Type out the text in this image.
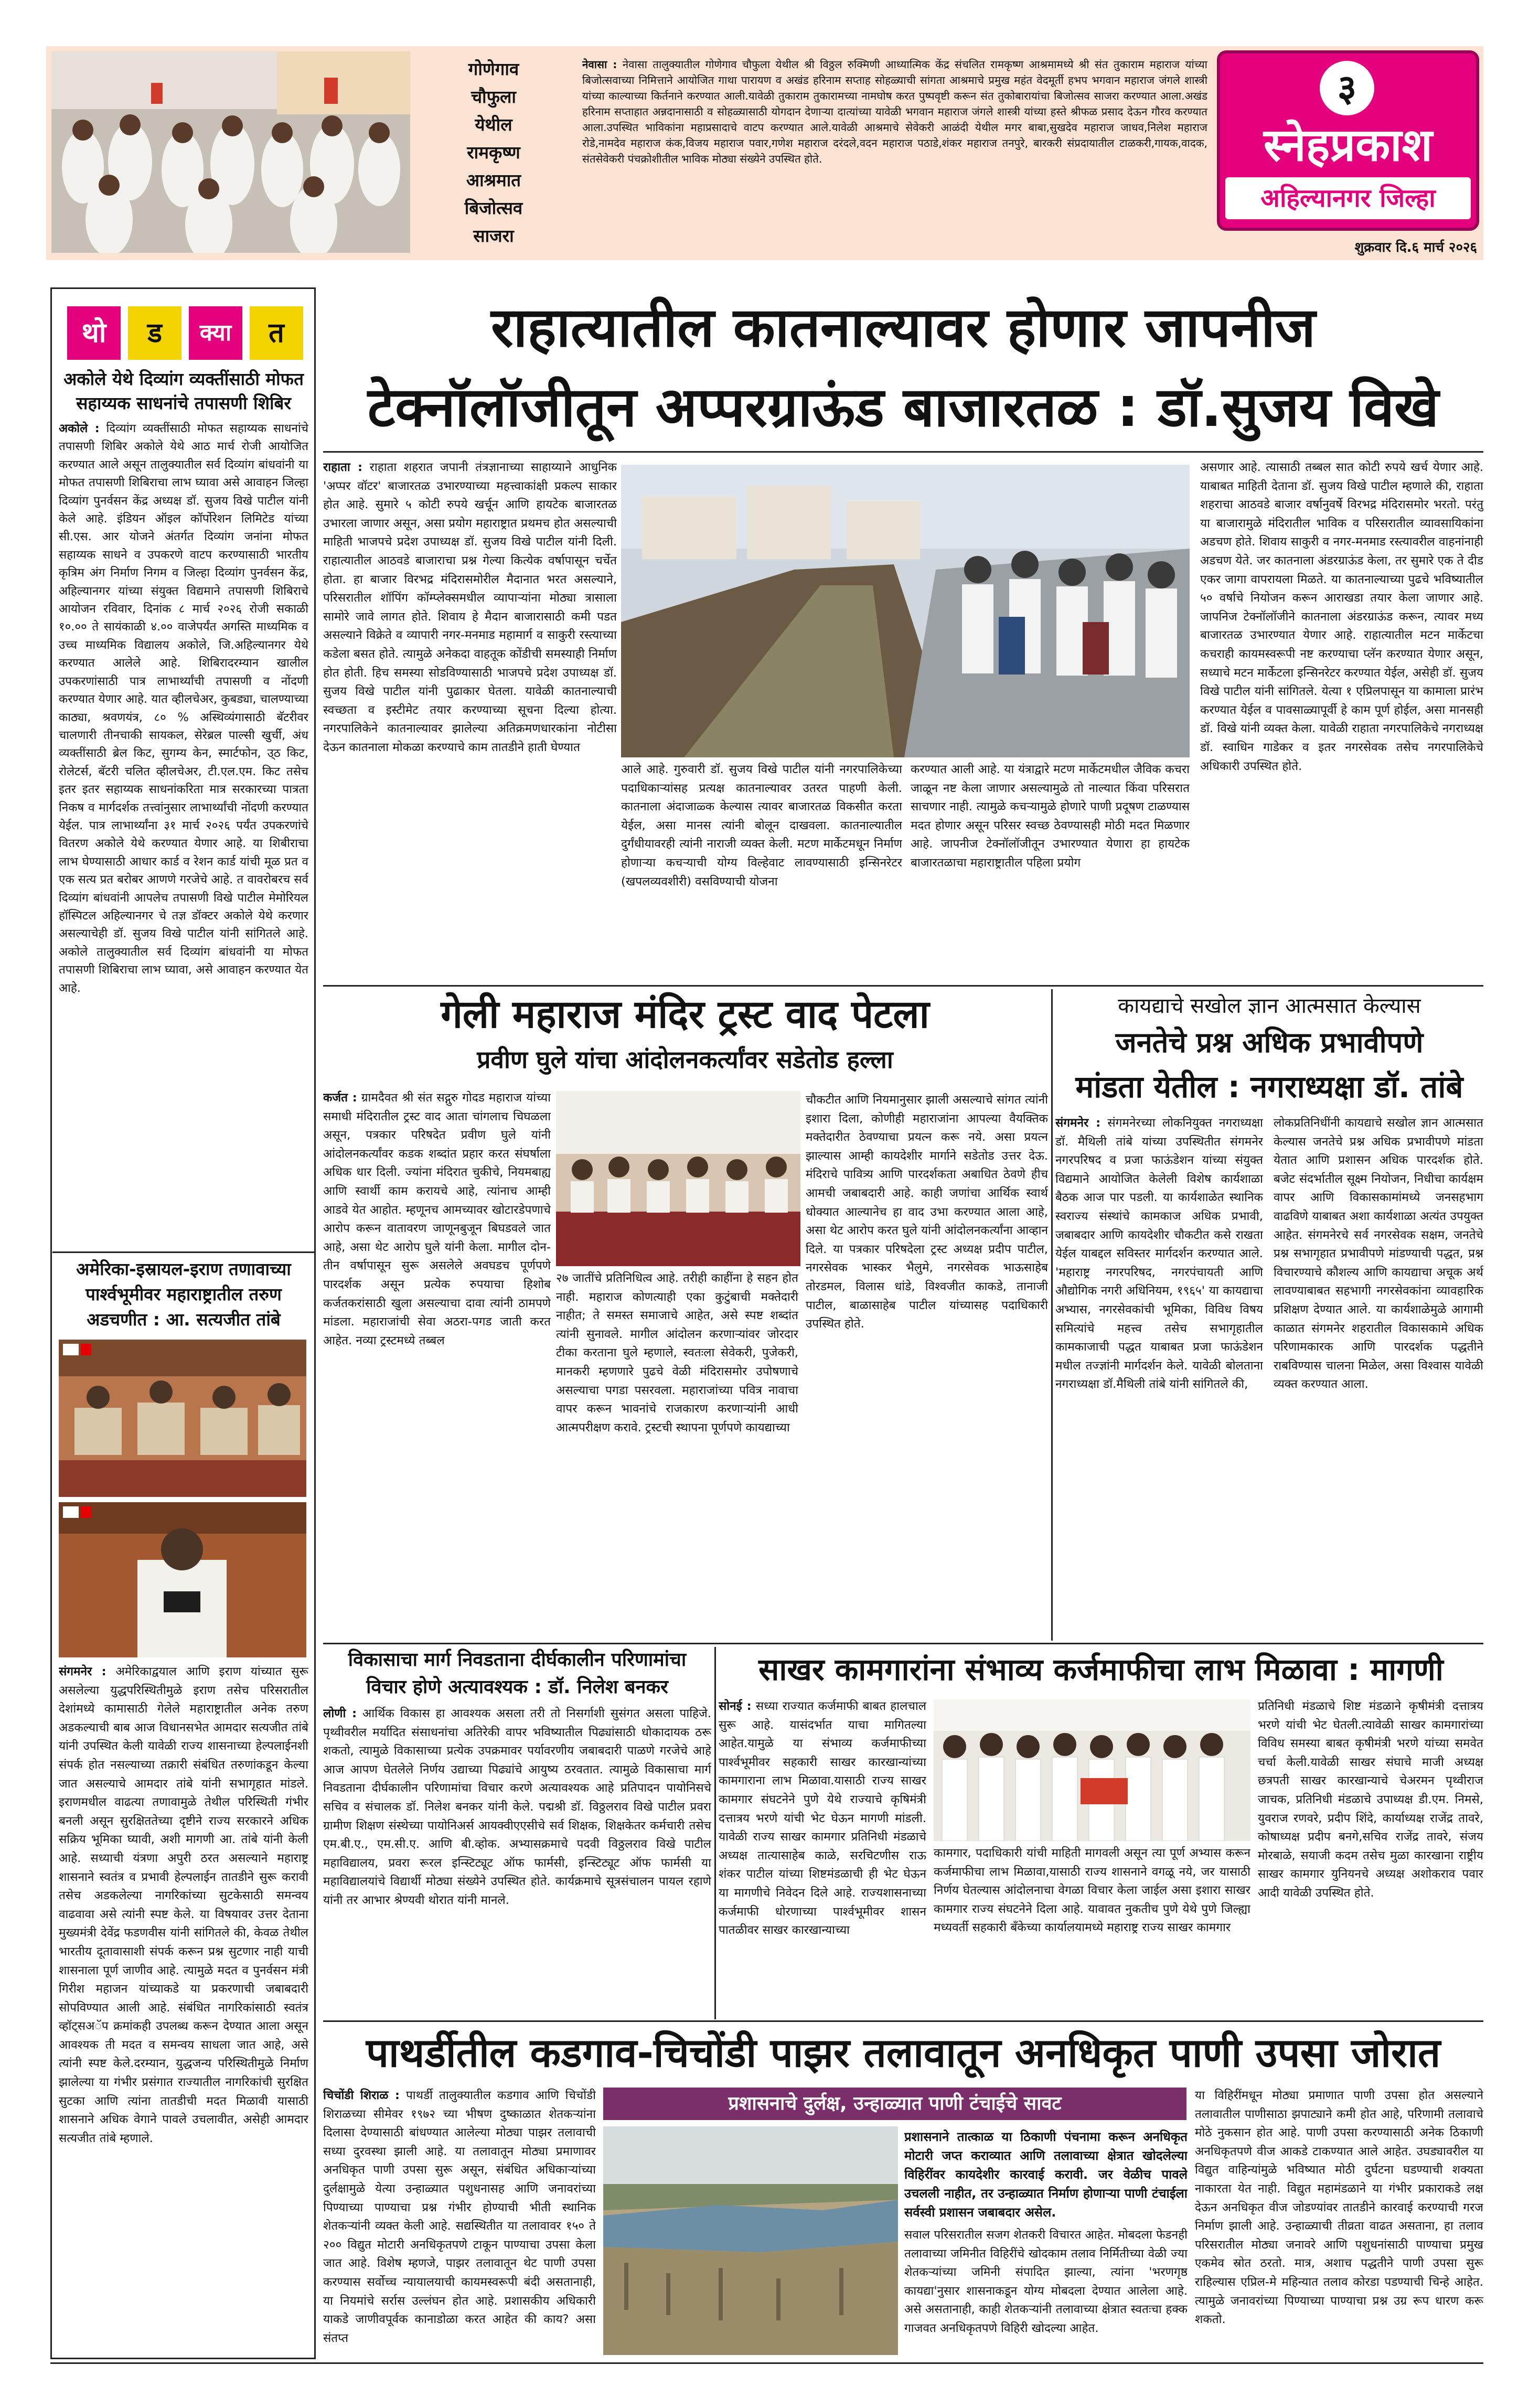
गोणेगाव
चौफुला
येथील
रामकृष्ण
आश्रमात
बिजोत्सव
साजरा
नेवासा : नेवासा तालुक्यातील गोणेगाव चौफुला येथील श्री विठ्ठल रुक्मिणी आध्यात्मिक केंद्र संचलित रामकृष्ण आश्रमामध्ये श्री संत तुकाराम महाराज यांच्या बिजोत्सवाच्या निमित्ताने आयोजित गाथा पारायण व अखंड हरिनाम सप्ताह सोहळ्याची सांगता आश्रमाचे प्रमुख महंत वेदमूर्ती हभप भगवान महाराज जंगले शास्त्री यांच्या काल्याच्या किर्तनाने करण्यात आली.यावेळी तुकाराम तुकारामच्या नामघोष करत पुष्पवृष्टी करून संत तुकोबारायांचा बिजोत्सव साजरा करण्यात आला.अखंड हरिनाम सप्ताहात अन्नदानासाठी व सोहळ्यासाठी योगदान देणाऱ्या दात्यांच्या यावेळी भगवान महाराज जंगले शास्त्री यांच्या हस्ते श्रीफळ प्रसाद देऊन गौरव करण्यात आला.उपस्थित भाविकांना महाप्रसादाचे वाटप करण्यात आले.यावेळी आश्रमाचे सेवेकरी आळंदी येथील मगर बाबा,सुखदेव महाराज जाधव,निलेश महाराज रोडे,नामदेव महाराज कंक,विजय महाराज पवार,गणेश महाराज दरंदले,वदन महाराज पठाडे,शंकर महाराज तनपुरे, बारकरी संप्रदायातील टाळकरी,गायक,वादक, संतसेवेकरी पंचक्रोशीतील भाविक मोठ्या संख्येने उपस्थित होते.
३
स्नेहप्रकाश
अहिल्यानगर जिल्हा
शुक्रवार दि.६ मार्च २०२६
थो	ड	क्या	त
अकोले येथे दिव्यांग व्यक्तींसाठी मोफत सहाय्यक साधनांचे तपासणी शिबिर
अकोले : दिव्यांग व्यक्तींसाठी मोफत सहाय्यक साधनांचे तपासणी शिबिर अकोले येथे आठ मार्च रोजी आयोजित करण्यात आले असून तालुक्यातील सर्व दिव्यांग बांधवांनी या मोफत तपासणी शिबिराचा लाभ घ्यावा असे आवाहन जिल्हा दिव्यांग पुनर्वसन केंद्र अध्यक्ष डॉ. सुजय विखे पाटील यांनी केले आहे. इंडियन ऑइल कॉर्पोरेशन लिमिटेड यांच्या सी.एस. आर योजने अंतर्गत दिव्यांग जनांना मोफत सहाय्यक साधने व उपकरणे वाटप करण्यासाठी भारतीय कृत्रिम अंग निर्माण निगम व जिल्हा दिव्यांग पुनर्वसन केंद्र, अहिल्यानगर यांच्या संयुक्त विद्यमाने तपासणी शिबिराचे आयोजन रविवार, दिनांक ८ मार्च २०२६ रोजी सकाळी १०.०० ते सायंकाळी ४.०० वाजेपर्यंत अगस्ति माध्यमिक व उच्च माध्यमिक विद्यालय अकोले, जि.अहिल्यानगर येथे करण्यात आलेले आहे. शिबिरादरम्यान खालील उपकरणांसाठी पात्र लाभार्थ्यांची तपासणी व नोंदणी करण्यात येणार आहे. यात व्हीलचेअर, कुबड्या, चालण्याच्या काठ्या, श्रवणयंत्र, ८० % अस्थिव्यंगासाठी बॅटरीवर चालणारी तीनचाकी सायकल, सेरेब्रल पाल्सी खुर्ची, अंध व्यक्तींसाठी ब्रेल किट, सुगम्य केन, स्मार्टफोन, उ्ठ किट, रोलेटर्स, बॅटरी चलित व्हीलचेअर, टी.एल.एम. किट तसेच इतर इतर सहाय्यक साधनांकरिता मात्र सरकारच्या पात्रता निकष व मार्गदर्शक तत्त्वांनुसार लाभार्थ्यांची नोंदणी करण्यात येईल. पात्र लाभार्थ्यांना ३१ मार्च २०२६ पर्यंत उपकरणांचे वितरण अकोले येथे करण्यात येणार आहे. या शिबीराचा लाभ घेण्यासाठी आधार कार्ड व रेशन कार्ड यांची मूळ प्रत व एक सत्य प्रत बरोबर आणणे गरजेचे आहे. त वावरोबरच सर्व दिव्यांग बांधवांनी आपलेच तपासणी विखे पाटील मेमोरियल हॉस्पिटल अहिल्यानगर चे तज्ञ डॉक्टर अकोले येथे करणार असल्याचेही डॉ. सुजय विखे पाटील यांनी सांगितले आहे. अकोले तालुक्यातील सर्व दिव्यांग बांधवांनी या मोफत तपासणी शिबिराचा लाभ घ्यावा, असे आवाहन करण्यात येत आहे.
अमेरिका-इस्रायल-इराण तणावाच्या पार्श्वभूमीवर महाराष्ट्रातील तरुण अडचणीत : आ. सत्यजीत तांबे
संगमनेर : अमेरिकाद्वयाल आणि इराण यांच्यात सुरू असलेल्या युद्धपरिस्थितीमुळे इराण तसेच परिसरातील देशांमध्ये कामासाठी गेलेले महाराष्ट्रातील अनेक तरुण अडकल्याची बाब आज विधानसभेत आमदार सत्यजीत तांबे यांनी उपस्थित केली यावेळी राज्य शासनाच्या हेल्पलाईनशी संपर्क होत नसल्याच्या तक्रारी संबंधित तरुणांकडून केल्या जात असल्याचे आमदार तांबे यांनी सभागृहात मांडले. इराणमधील वाढत्या तणावामुळे तेथील परिस्थिती गंभीर बनली असून सुरक्षिततेच्या दृष्टीने राज्य सरकारने अधिक सक्रिय भूमिका घ्यावी, अशी मागणी आ. तांबे यांनी केली आहे. सध्याची यंत्रणा अपुरी ठरत असल्याने महाराष्ट्र शासनाने स्वतंत्र व प्रभावी हेल्पलाईन तातडीने सुरू करावी तसेच अडकलेल्या नागरिकांच्या सुटकेसाठी समन्वय वाढवावा असे त्यांनी स्पष्ट केले. या विषयावर उत्तर देताना मुख्यमंत्री देवेंद्र फडणवीस यांनी सांगितले की, केवळ तेथील भारतीय दूतावासाशी संपर्क करून प्रश्न सुटणार नाही याची शासनाला पूर्ण जाणीव आहे. त्यामुळे मदत व पुनर्वसन मंत्री गिरीश महाजन यांच्याकडे या प्रकरणाची जबाबदारी सोपविण्यात आली आहे. संबंधित नागरिकांसाठी स्वतंत्र व्हॉट्सअॅप क्रमांकही उपलब्ध करून देण्यात आला असून आवश्यक ती मदत व समन्वय साधला जात आहे, असे त्यांनी स्पष्ट केले.दरम्यान, युद्धजन्य परिस्थितीमुळे निर्माण झालेल्या या गंभीर प्रसंगात राज्यातील नागरिकांची सुरक्षित सुटका आणि त्यांना तातडीची मदत मिळावी यासाठी शासनाने अधिक वेगाने पावले उचलावीत, असेही आमदार सत्यजीत तांबे म्हणाले.
राहात्यातील कातनाल्यावर होणार जापनीज
टेक्नॉलॉजीतून अप्परग्राऊंड बाजारतळ : डॉ.सुजय विखे
राहाता : राहाता शहरात जपानी तंत्रज्ञानाच्या साहाय्याने आधुनिक 'अप्पर वॉटर' बाजारतळ उभारण्याच्या महत्त्वाकांक्षी प्रकल्प साकार होत आहे. सुमारे ५ कोटी रुपये खर्चून आणि हायटेक बाजारतळ उभारला जाणार असून, असा प्रयोग महाराष्ट्रात प्रथमच होत असल्याची माहिती भाजपचे प्रदेश उपाध्यक्ष डॉ. सुजय विखे पाटील यांनी दिली. राहात्यातील आठवडे बाजाराचा प्रश्न गेल्या कित्येक वर्षापासून चर्चेत होता. हा बाजार विरभद्र मंदिरासमोरील मैदानात भरत असल्याने, परिसरातील शॉपिंग कॉम्प्लेक्समधील व्यापाऱ्यांना मोठ्या त्रासाला सामोरे जावे लागत होते. शिवाय हे मैदान बाजारासाठी कमी पडत असल्याने विक्रेते व व्यापारी नगर-मनमाड महामार्ग व साकुरी रस्त्याच्या कडेला बसत होते. त्यामुळे अनेकदा वाहतूक कोंडीची समस्याही निर्माण होत होती. हिच समस्या सोडविण्यासाठी भाजपचे प्रदेश उपाध्यक्ष डॉ. सुजय विखे पाटील यांनी पुढाकार घेतला. यावेळी कातनाल्याची स्वच्छता व इस्टीमेट तयार करण्याच्या सूचना दिल्या होत्या. नगरपालिकेने कातनाल्यावर झालेल्या अतिक्रमणधारकांना नोटीसा देऊन कातनाला मोकळा करण्याचे काम तातडीने हाती घेण्यात
आले आहे. गुरुवारी डॉ. सुजय विखे पाटील यांनी नगरपालिकेच्या पदाधिकाऱ्यांसह प्रत्यक्ष कातनाल्यावर उतरत पाहणी केली. कातनाला अंदाजाळ्क केल्यास त्यावर बाजारतळ विकसीत करता येईल, असा मानस त्यांनी बोलून दाखवला. कातनाल्यातील दुर्गंधीयावरही त्यांनी नाराजी व्यक्त केली. मटण मार्केटमधून निर्माण होणाऱ्या कचऱ्याची योग्य विल्हेवाट लावण्यासाठी इन्सिनरेटर (खपलव्यवशीरी) वसविण्याची योजना
करण्यात आली आहे. या यंत्राद्वारे मटण मार्केटमधील जैविक कचरा जाळून नष्ट केला जाणार असल्यामुळे तो नाल्यात किंवा परिसरात साचणार नाही. त्यामुळे कचऱ्यामुळे होणारे पाणी प्रदूषण टाळण्यास मदत होणार असून परिसर स्वच्छ ठेवण्यासही मोठी मदत मिळणार आहे. जापनीज टेक्नॉलॉजीतून उभारण्यात येणारा हा हायटेक बाजारतळाचा महाराष्ट्रातील पहिला प्रयोग
असणार आहे. त्यासाठी तब्बल सात कोटी रुपये खर्च येणार आहे. याबाबत माहिती देताना डॉ. सुजय विखे पाटील म्हणाले की, राहाता शहराचा आठवडे बाजार वर्षानुवर्षे विरभद्र मंदिरासमोर भरतो. परंतु या बाजारामुळे मंदिरातील भाविक व परिसरातील व्यावसायिकांना अडचण होते. शिवाय साकुरी व नगर-मनमाड रस्त्यावरील वाहनांनाही अडचण येते. जर कातनाला अंडरग्राऊंड केला, तर सुमारे एक ते दीड एकर जागा वापरायला मिळते. या कातनाल्याच्या पुढचे भविष्यातील ५० वर्षाचे नियोजन करून आराखडा तयार केला जाणार आहे. जापनिज टेक्नॉलॉजीने कातनाला अंडरग्राऊंड करून, त्यावर मध्य बाजारतळ उभारण्यात येणार आहे. राहात्यातील मटन मार्केटचा कचराही कायमस्वरूपी नष्ट करण्याचा प्लॅन करण्यात येणार असून, सध्याचे मटन मार्केटला इन्सिनरेटर करण्यात येईल, असेही डॉ. सुजय विखे पाटील यांनी सांगितले. येत्या १ एप्रिलपासून या कामाला प्रारंभ करण्यात येईल व पावसाळ्यापूर्वी हे काम पूर्ण होईल, असा मानसही डॉ. विखे यांनी व्यक्त केला. यावेळी राहाता नगरपालिकेचे नगराध्यक्ष डॉ. स्वाधिन गाडेकर व इतर नगरसेवक तसेच नगरपालिकेचे अधिकारी उपस्थित होते.
गेली महाराज मंदिर ट्रस्ट वाद पेटला
प्रवीण घुले यांचा आंदोलनकर्त्यांवर सडेतोड हल्ला
कर्जत : ग्रामदैवत श्री संत सद्गुरु गोदड महाराज यांच्या समाधी मंदिरातील ट्रस्ट वाद आता चांगलाच चिघळला असून, पत्रकार परिषदेत प्रवीण घुले यांनी आंदोलनकर्त्यांवर कडक शब्दांत प्रहार करत संघर्षाला अधिक धार दिली. ज्यांना मंदिरात चुकीचे, नियमबाह्य आणि स्वार्थी काम करायचे आहे, त्यांनाच आम्ही आडवे येत आहोत. म्हणूनच आमच्यावर खोटारडेपणाचे आरोप करून वातावरण जाणूनबुजून बिघडवले जात आहे, असा थेट आरोप घुले यांनी केला. मागील दोन-तीन वर्षापासून सुरू असलेले अवघडच पूर्णपणे पारदर्शक असून प्रत्येक रुपयाचा हिशोब कर्जतकरांसाठी खुला असल्याचा दावा त्यांनी ठामपणे मांडला. महाराजांची सेवा अठरा-पगड जाती करत आहेत. नव्या ट्रस्टमध्ये तब्बल
२७ जातींचे प्रतिनिधित्व आहे. तरीही काहींना हे सहन होत नाही. महाराज कोणत्याही एका कुटुंबाची मक्तेदारी नाहीत; ते समस्त समाजाचे आहेत, असे स्पष्ट शब्दांत त्यांनी सुनावले. मागील आंदोलन करणाऱ्यांवर जोरदार टीका करताना घुले म्हणाले, स्वतःला सेवेकरी, पुजेकरी, मानकरी म्हणणारे पुढचे वेळी मंदिरासमोर उपोषणाचे असल्याचा पगडा पसरवला. महाराजांच्या पवित्र नावाचा वापर करून भावनांचे राजकारण करणाऱ्यांनी आधी आत्मपरीक्षण करावे. ट्रस्टची स्थापना पूर्णपणे कायद्याच्या
चौकटीत आणि नियमानुसार झाली असल्याचे सांगत त्यांनी इशारा दिला, कोणीही महाराजांना आपल्या वैयक्तिक मक्तेदारीत ठेवण्याचा प्रयत्न करू नये. असा प्रयत्न झाल्यास आम्ही कायदेशीर मार्गाने सडेतोड उत्तर देऊ. मंदिराचे पावित्र्य आणि पारदर्शकता अबाधित ठेवणे हीच आमची जबाबदारी आहे. काही जणांचा आर्थिक स्वार्थ धोक्यात आल्यानेच हा वाद उभा करण्यात आला आहे, असा थेट आरोप करत घुले यांनी आंदोलनकर्त्यांना आव्हान दिले. या पत्रकार परिषदेला ट्रस्ट अध्यक्ष प्रदीप पाटील, नगरसेवक भास्कर भैलुमे, नगरसेवक भाऊसाहेब तोरडमल, विलास धांडे, विश्वजीत काकडे, तानाजी पाटील, बाळासाहेब पाटील यांच्यासह पदाधिकारी उपस्थित होते.
कायद्याचे सखोल ज्ञान आत्मसात केल्यास
जनतेचे प्रश्न अधिक प्रभावीपणे
मांडता येतील : नगराध्यक्षा डॉ. तांबे
संगमनेर : संगमनेरच्या लोकनियुक्त नगराध्यक्षा डॉ. मैथिली तांबे यांच्या उपस्थितीत संगमनेर नगरपरिषद व प्रजा फाऊंडेशन यांच्या संयुक्त विद्यमाने आयोजित केलेली विशेष कार्यशाळा बैठक आज पार पडली. या कार्यशाळेत स्थानिक स्वराज्य संस्थांचे कामकाज अधिक प्रभावी, जबाबदार आणि कायदेशीर चौकटीत कसे राखता येईल याबद्दल सविस्तर मार्गदर्शन करण्यात आले. 'महाराष्ट्र नगरपरिषद, नगरपंचायती आणि औद्योगिक नगरी अधिनियम, १९६५' या कायद्याचा अभ्यास, नगरसेवकांची भूमिका, विविध विषय समित्यांचे महत्त्व तसेच सभागृहातील कामकाजाची पद्धत याबाबत प्रजा फाऊंडेशन मधील तज्ज्ञांनी मार्गदर्शन केले. यावेळी बोलताना नगराध्यक्षा डॉ.मैथिली तांबे यांनी सांगितले की,
लोकप्रतिनिधींनी कायद्याचे सखोल ज्ञान आत्मसात केल्यास जनतेचे प्रश्न अधिक प्रभावीपणे मांडता येतात आणि प्रशासन अधिक पारदर्शक होते. बजेट संदर्भातील सूक्ष्म नियोजन, निधीचा कार्यक्षम वापर आणि विकासकामांमध्ये जनसहभाग वाढविणे याबाबत अशा कार्यशाळा अत्यंत उपयुक्त आहेत. संगमनेरचे सर्व नगरसेवक सक्षम, जनतेचे प्रश्न सभागृहात प्रभावीपणे मांडण्याची पद्धत, प्रश्न विचारण्याचे कौशल्य आणि कायद्याचा अचूक अर्थ लावण्याबाबत सहभागी नगरसेवकांना व्यावहारिक प्रशिक्षण देण्यात आले. या कार्यशाळेमुळे आगामी काळात संगमनेर शहरातील विकासकामे अधिक परिणामकारक आणि पारदर्शक पद्धतीने राबविण्यास चालना मिळेल, असा विश्वास यावेळी व्यक्त करण्यात आला.
विकासाचा मार्ग निवडताना दीर्घकालीन परिणामांचा
विचार होणे अत्यावश्यक : डॉ. निलेश बनकर
लोणी : आर्थिक विकास हा आवश्यक असला तरी तो निसर्गाशी सुसंगत असला पाहिजे. पृथ्वीवरील मर्यादित संसाधनांचा अतिरेकी वापर भविष्यातील पिढ्यांसाठी धोकादायक ठरू शकतो, त्यामुळे विकासाच्या प्रत्येक उपक्रमावर पर्यावरणीय जबाबदारी पाळणे गरजेचे आहे आज आपण घेतलेले निर्णय उद्याच्या पिढ्यांचे आयुष्य ठरवतात. त्यामुळे विकासाचा मार्ग निवडताना दीर्घकालीन परिणामांचा विचार करणे अत्यावश्यक आहे प्रतिपादन पायोनिसचे सचिव व संचालक डॉ. निलेश बनकर यांनी केले. पद्मश्री डॉ. विठ्ठलराव विखे पाटील प्रवरा ग्रामीण शिक्षण संस्थेच्या पायोनिअर्स आयक्वीएएसीचे सर्व शिक्षक, शिक्षकेतर कर्मचारी तसेच एम.बी.ए., एम.सी.ए. आणि बी.व्होक. अभ्यासक्रमाचे पदवी विठ्ठलराव विखे पाटील महाविद्यालय, प्रवरा रूरल इन्स्टिट्यूट ऑफ फार्मसी, इन्स्टिट्यूट ऑफ फार्मसी या महाविद्यालयांचे विद्यार्थी मोठ्या संख्येने उपस्थित होते. कार्यक्रमाचे सूत्रसंचालन पायल रहाणे यांनी तर आभार श्रेण्यवी थोरात यांनी मानले.
साखर कामगारांना संभाव्य कर्जमाफीचा लाभ मिळावा : मागणी
सोनई : सध्या राज्यात कर्जमाफी बाबत हालचाल सुरू आहे. यासंदर्भात याचा मागितल्या आहेत.यामुळे या संभाव्य कर्जमाफीच्या पार्श्वभूमीवर सहकारी साखर कारखान्यांच्या कामगाराना लाभ मिळावा.यासाठी राज्य साखर कामगार संघटनेने पुणे येथे राज्याचे कृषिमंत्री दत्तात्रय भरणे यांची भेट घेऊन मागणी मांडली. यावेळी राज्य साखर कामगार प्रतिनिधी मंडळाचे अध्यक्ष तात्यासाहेब काळे, सरचिटणीस राऊ शंकर पाटील यांच्या शिष्टमंडळाची ही भेट घेऊन या मागणीचे निवेदन दिले आहे. राज्यशासनाच्या कर्जमाफी धोरणाच्या पार्श्वभूमीवर शासन पातळीवर साखर कारखान्याच्या
कामगार, पदाधिकारी यांची माहिती मागवली असून त्या पूर्ण अभ्यास करून कर्जमाफीचा लाभ मिळावा,यासाठी राज्य शासनाने वगळू नये, जर यासाठी निर्णय घेतल्यास आंदोलनाचा वेगळा विचार केला जाईल असा इशारा साखर कामगार राज्य संघटनेने दिला आहे. यावावत नुकतीच पुणे येथे पुणे जिल्ह्या मध्यवर्ती सहकारी बँकेच्या कार्यालयामध्ये महाराष्ट्र राज्य साखर कामगार
प्रतिनिधी मंडळाचे शिष्ट मंडळाने कृषीमंत्री दत्तात्रय भरणे यांची भेट घेतली.त्यावेळी साखर कामगारांच्या विविध समस्या बाबत कृषीमंत्री भरणे यांच्या समवेत चर्चा केली.यावेळी साखर संघाचे माजी अध्यक्ष छत्रपती साखर कारखान्याचे चेअरमन पृथ्वीराज जाचक, प्रतिनिधी मंडळाचे उपाध्यक्ष डी.एम. निमसे, युवराज रणवरे, प्रदीप शिंदे, कार्याध्यक्ष राजेंद्र तावरे, कोषाध्यक्ष प्रदीप बनगे,सचिव राजेंद्र तावरे, संजय मोरबाळे, सयाजी कदम तसेच मुळा कारखाना राष्ट्रीय साखर कामगार युनियनचे अध्यक्ष अशोकराव पवार आदी यावेळी उपस्थित होते.
पाथर्डीतील कडगाव-चिचोंडी पाझर तलावातून अनधिकृत पाणी उपसा जोरात
चिचोंडी शिराळ : पाथर्डी तालुक्यातील कडगाव आणि चिचोंडी शिराळच्या सीमेवर १९७२ च्या भीषण दुष्काळात शेतकऱ्यांना दिलासा देण्यासाठी बांधण्यात आलेल्या मोठ्या पाझर तलावाची सध्या दुरवस्था झाली आहे. या तलावातून मोठ्या प्रमाणावर अनधिकृत पाणी उपसा सुरू असून, संबंधित अधिकाऱ्यांच्या दुर्लक्षामुळे येत्या उन्हाळ्यात पशुधनासह आणि जनावरांच्या पिण्याच्या पाण्याचा प्रश्न गंभीर होण्याची भीती स्थानिक शेतकऱ्यांनी व्यक्त केली आहे. सद्यस्थितीत या तलावावर १५० ते २०० विद्युत मोटारी अनधिकृतपणे टाकून पाण्याचा उपसा केला जात आहे. विशेष म्हणजे, पाझर तलावातून थेट पाणी उपसा करण्यास सर्वोच्च न्यायालयाची कायमस्वरूपी बंदी असतानाही, या नियमांचे सर्रास उल्लंघन होत आहे. प्रशासकीय अधिकारी याकडे जाणीवपूर्वक कानाडोळा करत आहेत की काय? असा संतप्त
प्रशासनाचे दुर्लक्ष, उन्हाळ्यात पाणी टंचाईचे सावट
प्रशासनाने तात्काळ या ठिकाणी पंचनामा करून अनधिकृत मोटारी जप्त कराव्यात आणि तलावाच्या क्षेत्रात खोदलेल्या विहिरींवर कायदेशीर कारवाई करावी. जर वेळीच पावले उचलली नाहीत, तर उन्हाळ्यात निर्माण होणाऱ्या पाणी टंचाईला सर्वस्वी प्रशासन जबाबदार असेल.
सवाल परिसरातील सजग शेतकरी विचारत आहेत. मोबदला फेडनही तलावाच्या जमिनीत विहिरींचे खोदकाम तलाव निर्मितीच्या वेळी ज्या शेतकऱ्यांच्या जमिनी संपादित झाल्या, त्यांना 'भरणगृष्ठ कायद्या'नुसार शासनाकडून योग्य मोबदला देण्यात आलेला आहे. असे असतानाही, काही शेतकऱ्यांनी तलावाच्या क्षेत्रात स्वतःचा हक्क गाजवत अनधिकृतपणे विहिरी खोदल्या आहेत.
या विहिरींमधून मोठ्या प्रमाणात पाणी उपसा होत असल्याने तलावातील पाणीसाठा झपाट्याने कमी होत आहे, परिणामी तलावाचे मोठे नुकसान होत आहे. पाणी उपसा करण्यासाठी अनेक ठिकाणी अनधिकृतपणे वीज आकडे टाकण्यात आले आहेत. उघड्यावरील या विद्युत वाहिन्यांमुळे भविष्यात मोठी दुर्घटना घडण्याची शक्यता नाकारता येत नाही. विद्युत महामंडळाने या गंभीर प्रकाराकडे लक्ष देऊन अनधिकृत वीज जोडण्यांवर तातडीने कारवाई करण्याची गरज निर्माण झाली आहे. उन्हाळ्याची तीव्रता वाढत असताना, हा तलाव परिसरातील मोठ्या जनावरे आणि पशुधनांसाठी पाण्याचा प्रमुख एकमेव स्रोत ठरतो. मात्र, अशाच पद्धतीने पाणी उपसा सुरू राहिल्यास एप्रिल-मे महिन्यात तलाव कोरडा पडण्याची चिन्हे आहेत. त्यामुळे जनावरांच्या पिण्याच्या पाण्याचा प्रश्न उग्र रूप धारण करू शकतो.
